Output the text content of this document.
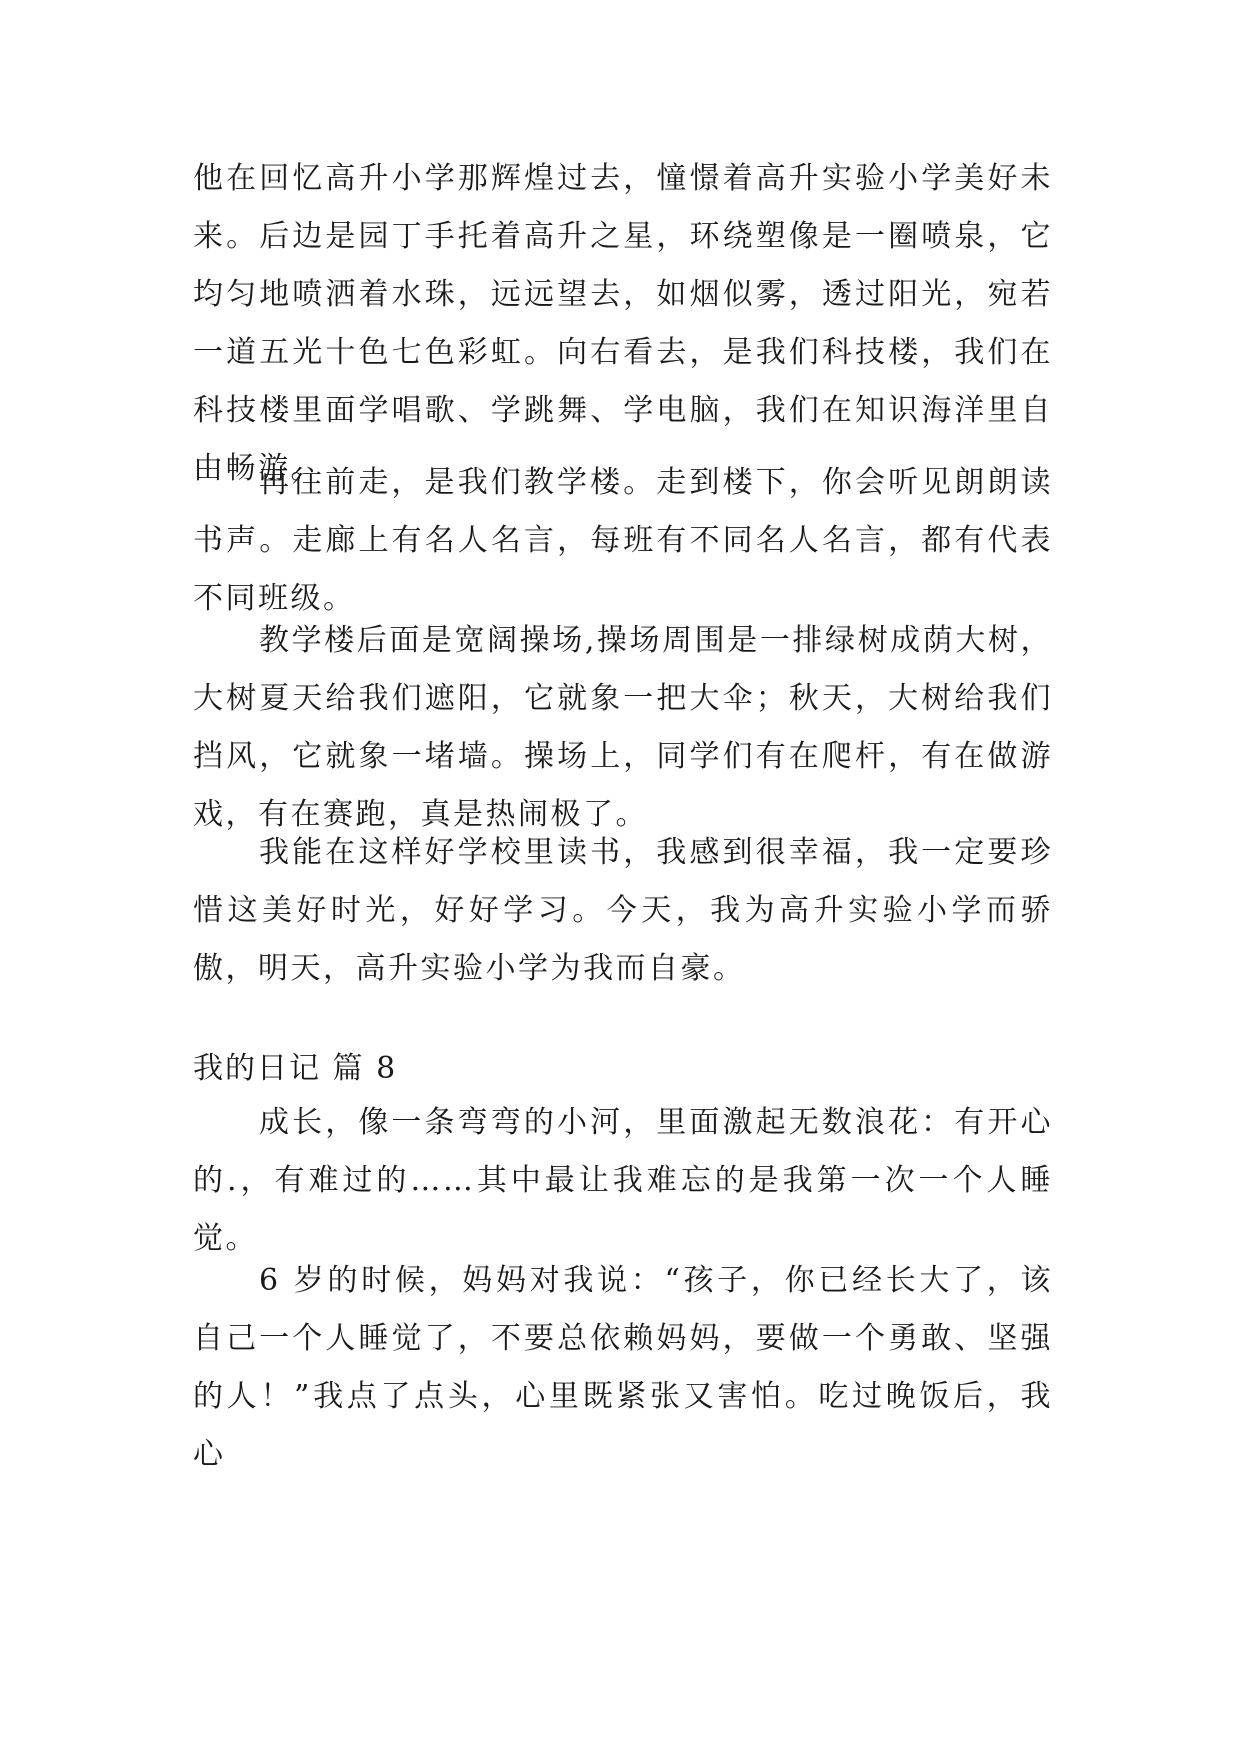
他在回忆高升小学那辉煌过去，憧憬着高升实验小学美好未来。后边是园丁手托着高升之星，环绕塑像是一圈喷泉，它均匀地喷洒着水珠，远远望去，如烟似雾，透过阳光，宛若一道五光十色七色彩虹。向右看去，是我们科技楼，我们在科技楼里面学唱歌、学跳舞、学电脑，我们在知识海洋里自由畅游。

再往前走，是我们教学楼。走到楼下，你会听见朗朗读书声。走廊上有名人名言，每班有不同名人名言，都有代表不同班级。

教学楼后面是宽阔操场,操场周围是一排绿树成荫大树，大树夏天给我们遮阳，它就象一把大伞；秋天，大树给我们挡风，它就象一堵墙。操场上，同学们有在爬杆，有在做游戏，有在赛跑，真是热闹极了。

我能在这样好学校里读书，我感到很幸福，我一定要珍惜这美好时光，好好学习。今天，我为高升实验小学而骄傲，明天，高升实验小学为我而自豪。

我的日记 篇 8

成长，像一条弯弯的小河，里面激起无数浪花：有开心的.，有难过的……其中最让我难忘的是我第一次一个人睡觉。

6 岁的时候，妈妈对我说：“孩子，你已经长大了，该自己一个人睡觉了，不要总依赖妈妈，要做一个勇敢、坚强的人！”我点了点头，心里既紧张又害怕。吃过晚饭后，我心
